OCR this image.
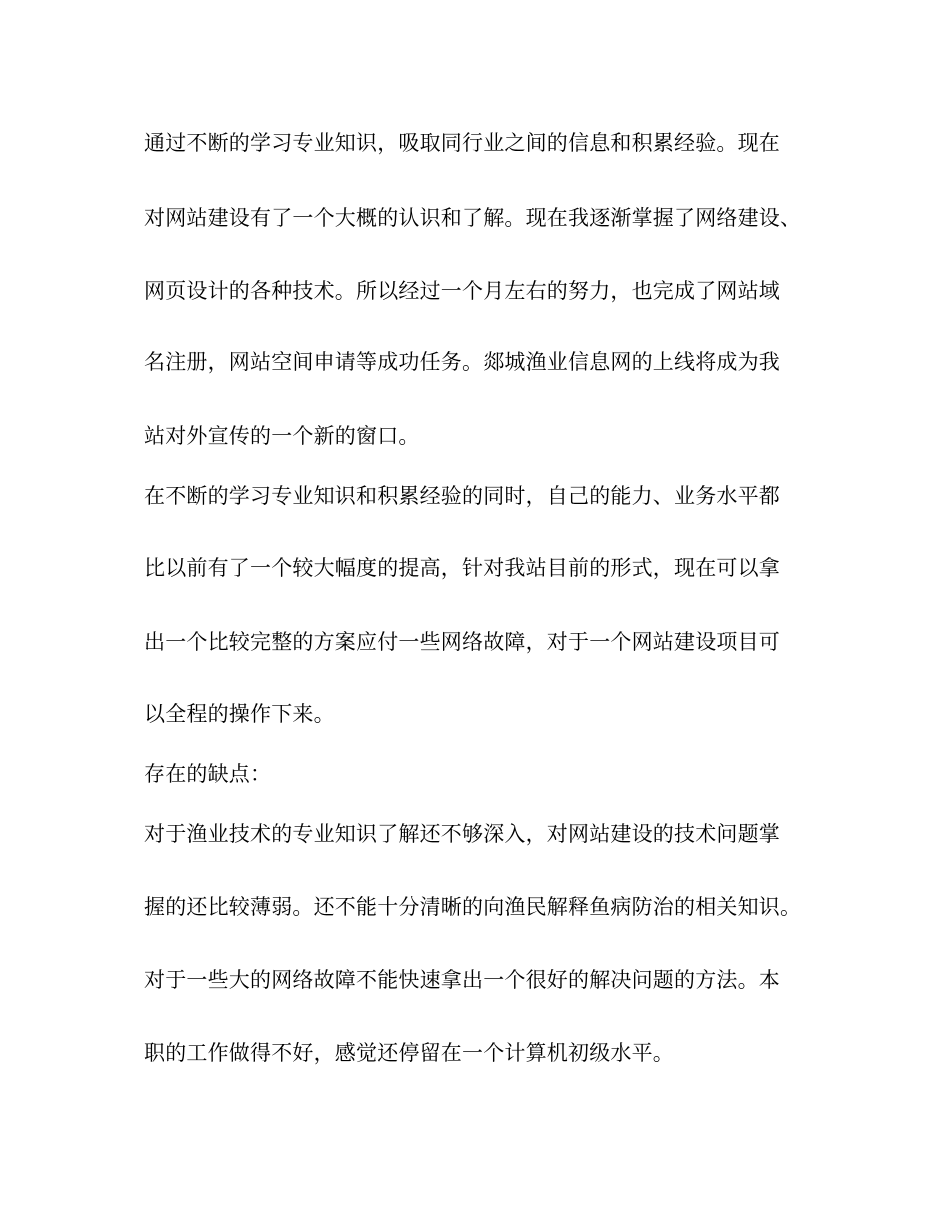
通过不断的学习专业知识，吸取同行业之间的信息和积累经验。现在
对网站建设有了一个大概的认识和了解。现在我逐渐掌握了网络建设、
网页设计的各种技术。所以经过一个月左右的努力，也完成了网站域
名注册，网站空间申请等成功任务。郯城渔业信息网的上线将成为我
站对外宣传的一个新的窗口。
在不断的学习专业知识和积累经验的同时，自己的能力、业务水平都
比以前有了一个较大幅度的提高，针对我站目前的形式，现在可以拿
出一个比较完整的方案应付一些网络故障，对于一个网站建设项目可
以全程的操作下来。
存在的缺点：
对于渔业技术的专业知识了解还不够深入，对网站建设的技术问题掌
握的还比较薄弱。还不能十分清晰的向渔民解释鱼病防治的相关知识。
对于一些大的网络故障不能快速拿出一个很好的解决问题的方法。本
职的工作做得不好，感觉还停留在一个计算机初级水平。
